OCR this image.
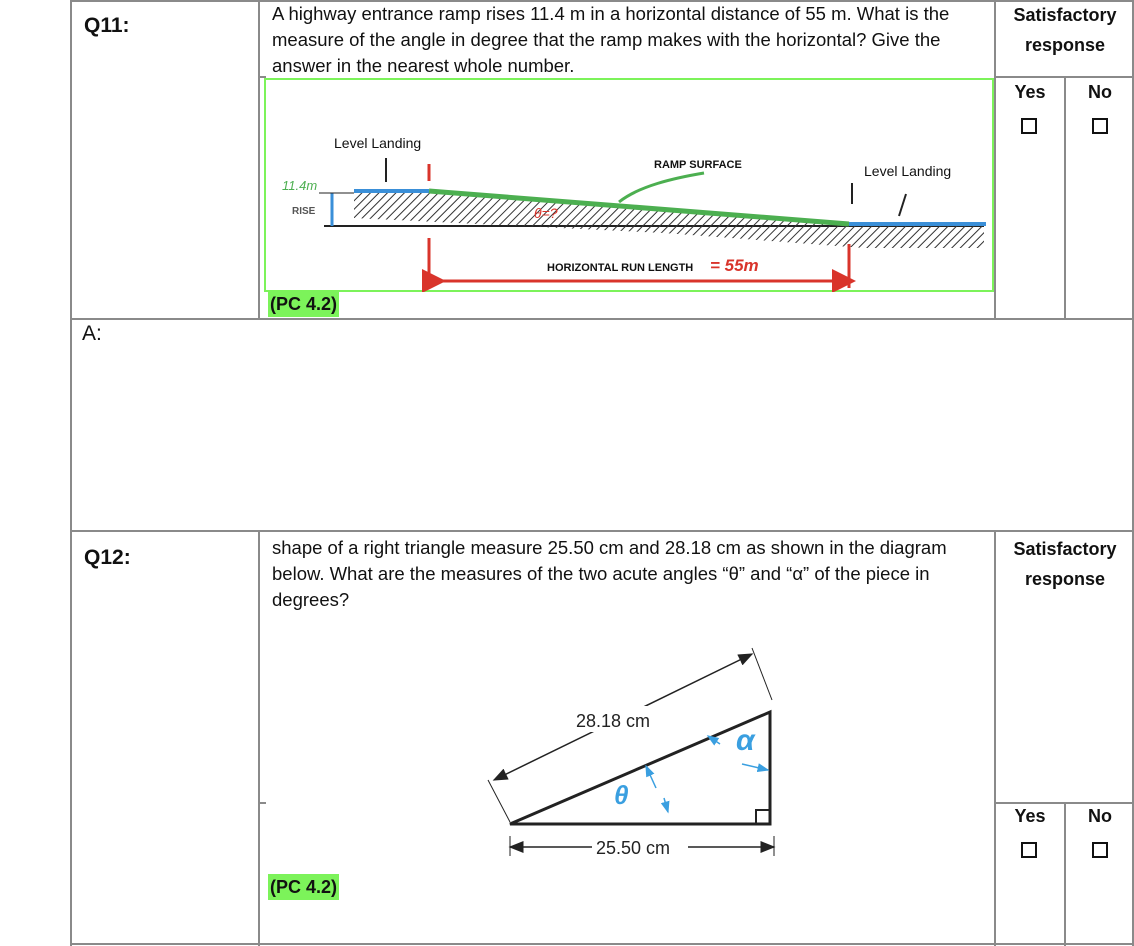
Q11:
A highway entrance ramp rises 11.4 m in a horizontal distance of 55 m. What is the measure of the angle in degree that the ramp makes with the horizontal? Give the answer in the nearest whole number.
Satisfactory response
Yes	No
Level Landing
Level Landing
RAMP SURFACE
RISE
11.4m
θ=?
HORIZONTAL RUN LENGTH = 55m
(PC 4.2)
A:
Q12:	shape of a right triangle measure 25.50 cm and 28.18 cm as shown in the diagram below. What are the measures of the two acute angles “θ” and “α” of the piece in degrees?
Satisfactory response
Yes	No
28.18 cm
25.50 cm
θ
α
(PC 4.2)
